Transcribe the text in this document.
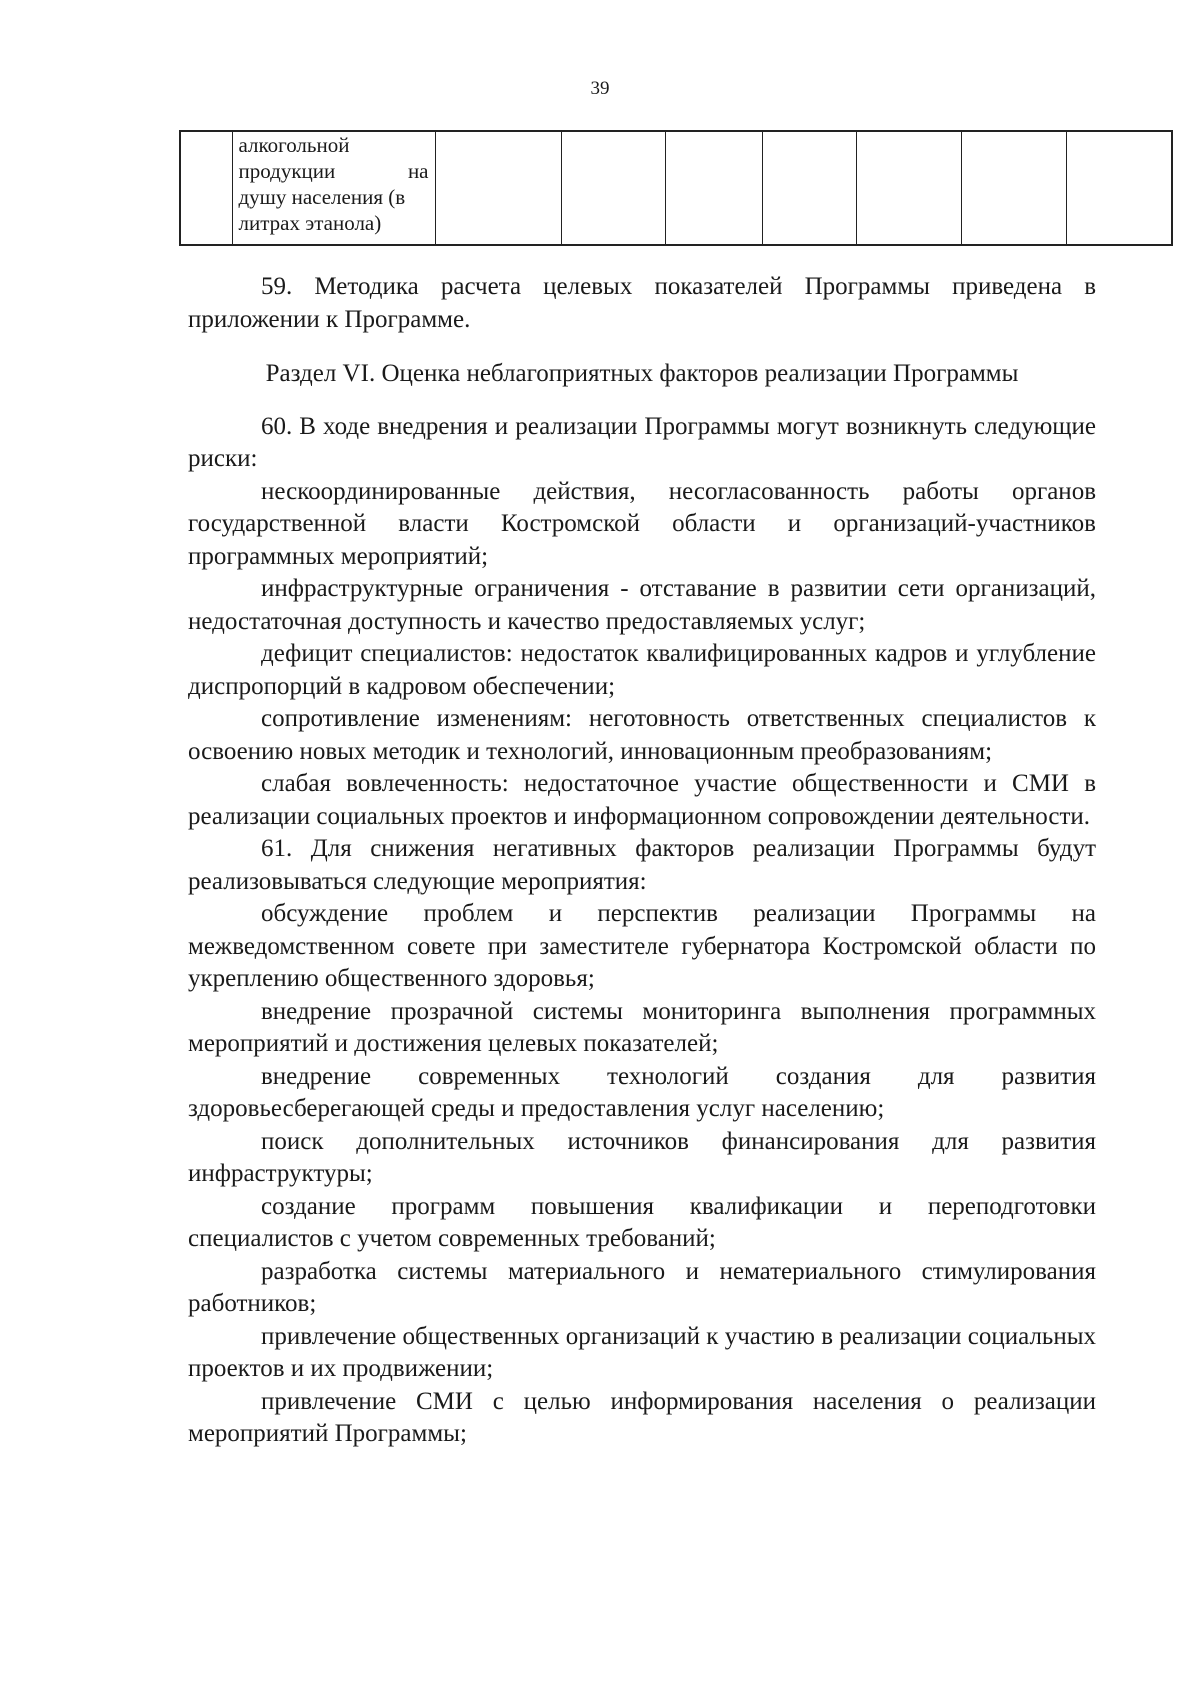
39

алкогольной
продукции	на
душу населения (в
литрах этанола)

59. Методика расчета целевых показателей Программы приведена в приложении к Программе.

Раздел VI. Оценка неблагоприятных факторов реализации Программы

60. В ходе внедрения и реализации Программы могут возникнуть следующие риски:

нескоординированные действия, несогласованность работы органов государственной власти Костромской области и организаций-участников программных мероприятий;

инфраструктурные ограничения - отставание в развитии сети организаций, недостаточная доступность и качество предоставляемых услуг;

дефицит специалистов: недостаток квалифицированных кадров и углубление диспропорций в кадровом обеспечении;

сопротивление изменениям: неготовность ответственных специалистов к освоению новых методик и технологий, инновационным преобразованиям;

слабая вовлеченность: недостаточное участие общественности и СМИ в реализации социальных проектов и информационном сопровождении деятельности.

61. Для снижения негативных факторов реализации Программы будут реализовываться следующие мероприятия:

обсуждение проблем и перспектив реализации Программы на межведомственном совете при заместителе губернатора Костромской области по укреплению общественного здоровья;

внедрение прозрачной системы мониторинга выполнения программных мероприятий и достижения целевых показателей;

внедрение современных технологий создания для развития здоровьесберегающей среды и предоставления услуг населению;

поиск дополнительных источников финансирования для развития инфраструктуры;

создание программ повышения квалификации и переподготовки специалистов с учетом современных требований;

разработка системы материального и нематериального стимулирования работников;

привлечение общественных организаций к участию в реализации социальных проектов и их продвижении;

привлечение СМИ с целью информирования населения о реализации мероприятий Программы;
